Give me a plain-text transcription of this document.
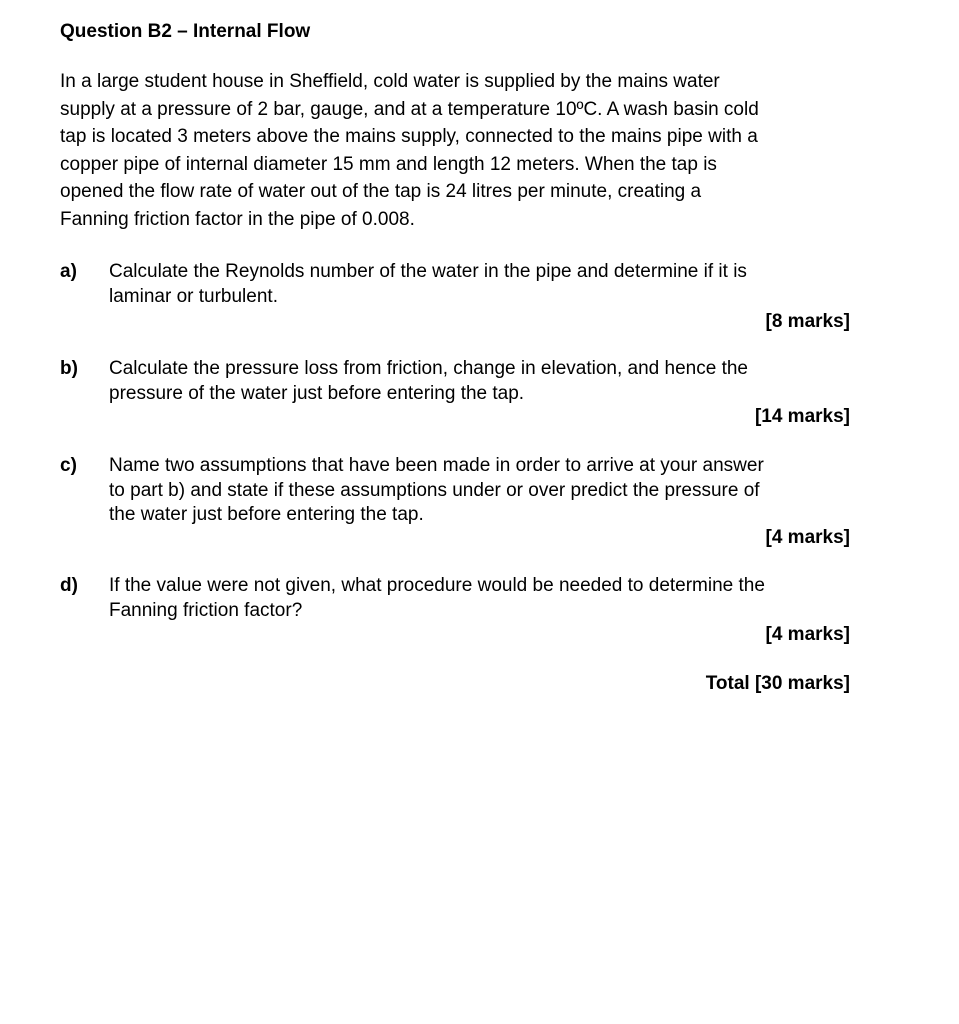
Question B2 – Internal Flow

In a large student house in Sheffield, cold water is supplied by the mains water
supply at a pressure of 2 bar, gauge, and at a temperature 10ºC. A wash basin cold
tap is located 3 meters above the mains supply, connected to the mains pipe with a
copper pipe of internal diameter 15 mm and length 12 meters. When the tap is
opened the flow rate of water out of the tap is 24 litres per minute, creating a
Fanning friction factor in the pipe of 0.008.

a) Calculate the Reynolds number of the water in the pipe and determine if it is
laminar or turbulent.
[8 marks]
b) Calculate the pressure loss from friction, change in elevation, and hence the
pressure of the water just before entering the tap.
[14 marks]
c) Name two assumptions that have been made in order to arrive at your answer
to part b) and state if these assumptions under or over predict the pressure of
the water just before entering the tap.
[4 marks]
d) If the value were not given, what procedure would be needed to determine the
Fanning friction factor?
[4 marks]
Total [30 marks]
